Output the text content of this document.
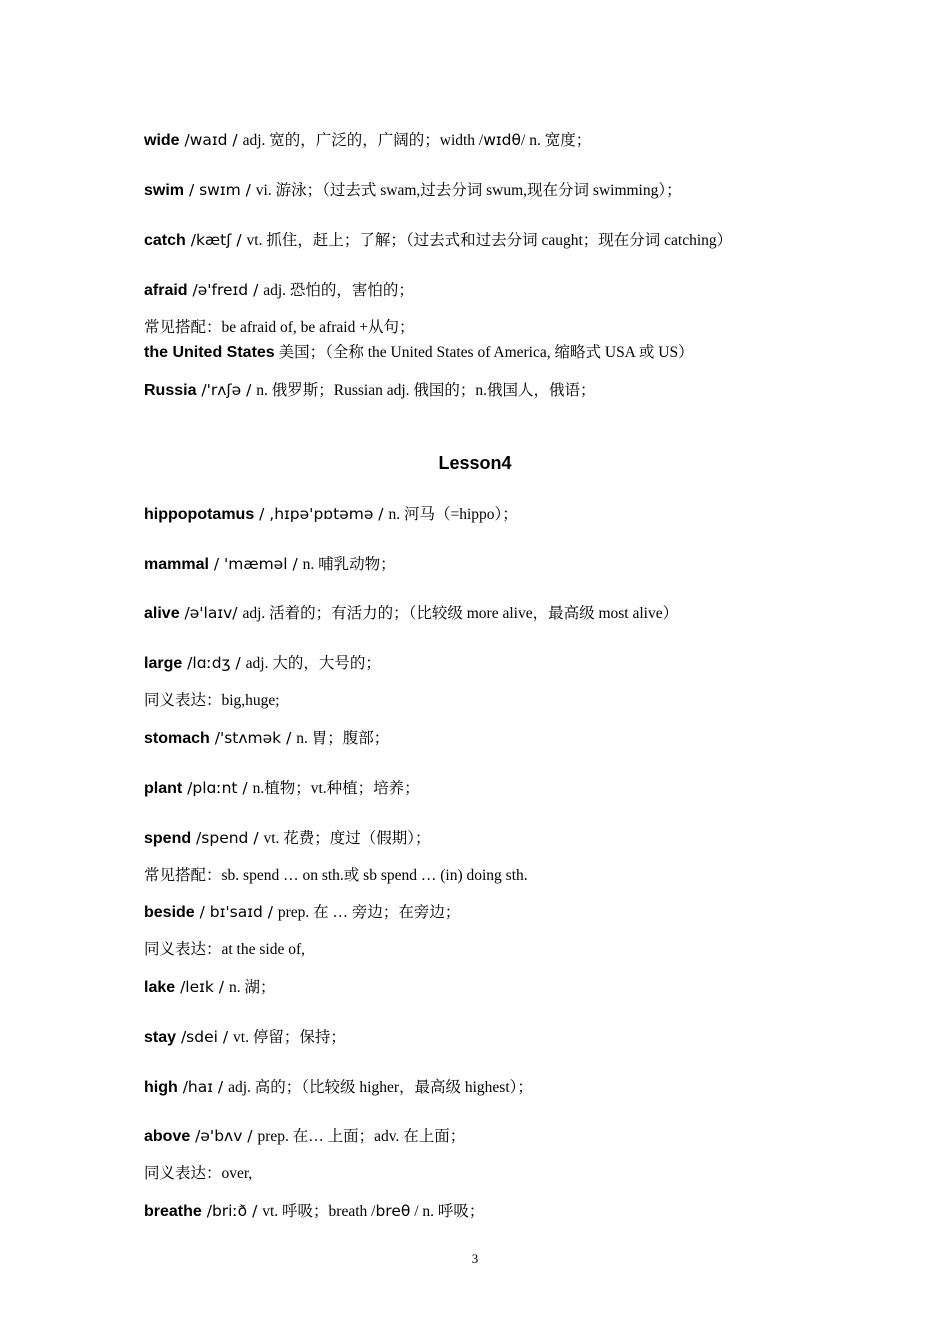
wide /waɪd / adj. 宽的，广泛的，广阔的；width /wɪdθ/ n. 宽度；
swim / swɪm / vi. 游泳；（过去式 swam,过去分词 swum,现在分词 swimming）；
catch /kætʃ / vt. 抓住，赶上；了解；（过去式和过去分词 caught；现在分词 catching）
afraid /ə'freɪd / adj. 恐怕的，害怕的；
常见搭配：be afraid of, be afraid +从句；
the United States 美国；（全称 the United States of America, 缩略式 USA 或 US）
Russia /'rʌʃə / n. 俄罗斯；Russian adj. 俄国的；n.俄国人，俄语；
Lesson4
hippopotamus / ,hɪpə'pɒtəmə / n. 河马（=hippo）；
mammal / 'mæməl / n. 哺乳动物；
alive /ə'laɪv/ adj. 活着的；有活力的；（比较级 more alive，最高级 most alive）
large /lɑːdʒ / adj. 大的，大号的；
同义表达：big,huge;
stomach /'stʌmək / n. 胃；腹部；
plant /plɑːnt / n.植物；vt.种植；培养；
spend /spend / vt. 花费；度过（假期）；
常见搭配：sb. spend … on sth.或 sb spend … (in) doing sth.
beside / bɪ'saɪd / prep. 在 … 旁边；在旁边；
同义表达：at the side of,
lake /leɪk / n. 湖；
stay /sdei / vt. 停留；保持；
high /haɪ / adj. 高的；（比较级 higher，最高级 highest）；
above /ə'bʌv / prep. 在… 上面；adv. 在上面；
同义表达：over,
breathe /briːð / vt. 呼吸；breath /breθ / n. 呼吸；
3
